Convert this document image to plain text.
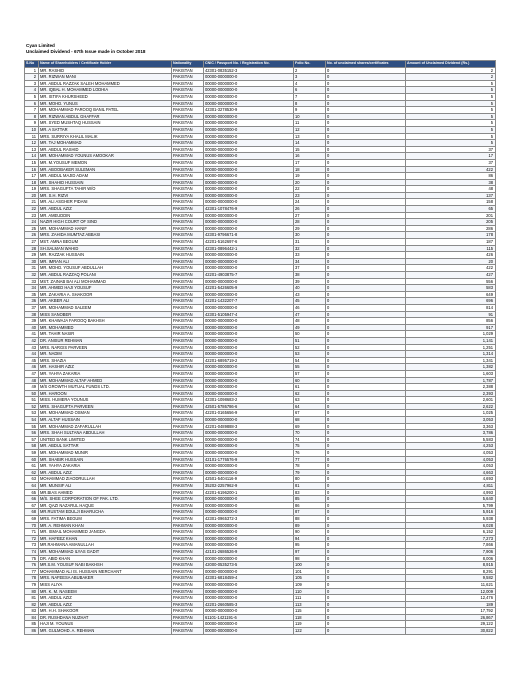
Cyan Limited
Unclaimed Dividend - 67th Issue made in October 2018
S.No	Name of Shareholders / Certificate Holder	Nationality	CNIC / Passport No. / Registration No.	Folio No.	No. of unclaimed shares/certificates	Amount of Unclaimed Dividend (Rs.)
1	MR. RASHID	PAKISTAN	42301-0835152-3	2	0	2
2	MR. RIZWAN MANI	PAKISTAN	00000-0000000-0	3	0	2
3	MR. ABDUL RAZZAK SALEH MOHAMMED	PAKISTAN	00000-0000000-0	4	0	5
4	MR. IQBAL H. MOHAMMED LODHIA	PAKISTAN	00000-0000000-0	6	0	5
5	MR. ISTIFA KHURSHEED	PAKISTAN	00000-0000000-0	7	0	5
6	MR. MOHD. YUNUS	PAKISTAN	00000-0000000-0	8	0	5
7	MR. MOHAMMAD FAROOQ BANIL PATEL	PAKISTAN	42301-3278530-9	9	0	5
8	MR. RIZWAN ABDUL GHAFFAR	PAKISTAN	00000-0000000-0	10	0	5
9	MR. SYED MUSHTAQ HUSSAIN	PAKISTAN	00000-0000000-0	11	0	5
10	MR. A SATTAR	PAKISTAN	00000-0000000-0	12	0	5
11	MRS. SURRIYA KHALIL MALIK	PAKISTAN	00000-0000000-0	13	0	5
12	MR. TAJ MOHAMMAD	PAKISTAN	00000-0000000-0	14	0	5
13	MR. ABDUL RASHID	PAKISTAN	00000-0000000-0	15	0	37
14	MR. MOHAMMAD YOUNUS AMOOKAR	PAKISTAN	00000-0000000-0	16	0	17
15	MR. M.YOUSUF MEMON	PAKISTAN	00000-0000000-0	17	0	37
16	MR. ABOOBAKER SULEMAN	PAKISTAN	00000-0000000-0	18	0	422
17	MR. ABDUL MAJID ADAM	PAKISTAN	00000-0000000-0	19	0	86
18	MR. SHAHID HUSSAIN	PAKISTAN	00000-0000000-0	20	0	38
19	MRS. SHAGUFTA TAHIR W/O	PAKISTAN	00000-0000000-0	22	0	48
20	MR. S.H. RIZVI	PAKISTAN	00000-0000000-0	23	0	137
21	MR. ALI ASGHER PIDANI	PAKISTAN	00000-0000000-0	24	0	158
22	MR. ABDUL AZIZ	PAKISTAN	42301-1078476-9	26	0	65
23	MR. AMEUDDIN	PAKISTAN	00000-0000000-0	27	0	201
24	NAZIR HIGH COURT OF SIND	PAKISTAN	00000-0000000-0	28	0	205
25	MR. MOHAMMAD HANIF	PAKISTAN	00000-0000000-0	29	0	286
26	MRS. ZAHIDA MUMTAZ ABBASI	PAKISTAN	42301-9796671-8	30	0	178
27	MST. AMNA BEGUM	PAKISTAN	42201-5162697-6	31	0	187
28	SH.SALMAN WAHID	PAKISTAN	42301-0896442-1	32	0	115
29	MR. RAZZAK HUSSAIN	PAKISTAN	00000-0000000-0	33	0	426
30	MR. IMRAN ALI	PAKISTAN	00000-0000000-0	34	0	20
31	MR. MOHD. YOUSUF ABDULLAH	PAKISTAN	00000-0000000-0	37	0	422
32	MR. ABDUL RAZZAQ POLANI	PAKISTAN	42201-4903875-7	38	0	427
33	MST. ZAINAB BAI ALI MOHAMMAD	PAKISTAN	00000-0000000-0	39	0	556
34	MR. AHMED HAJI YOUSUF	PAKISTAN	42201-5426605-9	40	0	583
35	MR. ZAKARIA A. SHAKOOR	PAKISTAN	00000-0000000-0	43	0	649
36	MR. AKBER ALI	PAKISTAN	42201-1432207-7	45	0	696
37	MR. MOHAMMAD SALEEM	PAKISTAN	00000-0000000-0	46	0	814
38	MISS SANOBER	PAKISTAN	42301-5105947-4	47	0	91
39	MR. KHAWAJA FAROOQ BAKHSH	PAKISTAN	00000-0000000-0	48	0	856
40	MR. MOHAMMED	PAKISTAN	00000-0000000-0	49	0	917
41	MR. TAHIR NASIR	PAKISTAN	00000-0000000-0	50	0	1,029
42	DR. ANISUR REHMAN	PAKISTAN	00000-0000000-0	51	0	1,141
43	MRS. NARGIS PARVEEN	PAKISTAN	00000-0000000-0	52	0	1,251
44	MR. NADIM	PAKISTAN	00000-0000000-0	53	0	1,314
45	MRS. SHAZIA	PAKISTAN	42201-6895719-2	54	0	1,341
46	MR. HASHIR AZIZ	PAKISTAN	00000-0000000-0	55	0	1,382
47	MR. YAHYA ZAKARIA	PAKISTAN	00000-0000000-0	57	0	1,603
48	MR. MOHAMMAD ALTAF AHMED	PAKISTAN	00000-0000000-0	60	0	1,787
49	M/S GROWTH MUTUAL FUNDS LTD.	PAKISTAN	00000-0000000-0	61	0	2,388
50	MR. HAROON	PAKISTAN	00000-0000000-0	62	0	2,393
51	MISS. HUMERA YOUNUS	PAKISTAN	42301-1098683-2	63	0	2,601
52	MRS. SHAGUFTA PARVEEN	PAKISTAN	42501-5786786-6	64	0	2,622
53	MR. MOHAMMAD OSMAN	PAKISTAN	42201-0165656-9	67	0	1,025
54	MR. ALTAF HUSSAIN	PAKISTAN	00000-0000000-0	68	0	3,053
55	MR. MOHAMMAD ZAFARULLAH	PAKISTAN	42201-0489888-3	69	0	3,363
56	MRS. SHAH SULTANA ABDULLAH	PAKISTAN	00000-0000000-0	70	0	3,786
57	UNITED BANK LIMITED	PAKISTAN	00000-0000000-0	74	0	5,583
58	MR. ABDUL SATTAR	PAKISTAN	00000-0000000-0	75	0	4,253
59	MR. MOHAMMAD MUNIR	PAKISTAN	00000-0000000-0	76	0	4,053
60	MR. SHABIR HUSSAIN	PAKISTAN	42101-1776576-9	77	0	4,053
61	MR. YAHYA ZAKARIA	PAKISTAN	00000-0000000-0	78	0	4,053
62	MR. ABDUL AZIZ	PAKISTAN	00000-0000000-0	79	0	4,663
63	MOHAMMAD ZIAODRULLAH	PAKISTAN	42501-5404116-9	80	0	4,693
64	MR. MUNSIF ALI	PAKISTAN	35202-2257962-9	81	0	4,811
65	MR.BIAS AHMED	PAKISTAN	42201-6196200-1	83	0	4,993
66	M/S. SHEE CORPORATION OF PAK. LTD.	PAKISTAN	00000-0000000-0	85	0	5,640
67	MR. QAZI NAZARUL HAQUE	PAKISTAN	00000-0000000-0	86	0	5,799
68	MR.RUSTAM EDULJI BHARUCHA	PAKISTAN	00000-0000000-0	87	0	5,916
69	MRS. FATIMA BEGUM	PAKISTAN	42301-0965372-3	88	0	5,938
70	MR. A. REHMAN KHAN	PAKISTAN	00000-0000000-0	89	0	6,028
71	MR. ISMAIL MOHAMMED JANGDA	PAKISTAN	00000-0000000-0	90	0	6,152
72	MR. HAFEEZ KHAN	PAKISTAN	00000-0000000-0	94	0	7,273
73	MR.RAHMANA AMANULLAH	PAKISTAN	00000-0000000-0	95	0	7,866
74	MR. MOHAMMAD ILYAS GADIT	PAKISTAN	42101-2686526-9	97	0	7,906
75	DR. ABID KHAN	PAKISTAN	00000-0000000-0	98	0	8,006
76	MR.S.M. YOUSUF NABI BAKHSH	PAKISTAN	42000-0535273-5	100	0	8,915
77	MOHAMMAD ALI IS. HUSSAIN MERCHANT	PAKISTAN	00000-0000000-0	101	0	8,291
78	MRS. NAFEESA ABUBAKER	PAKISTAN	42301-6818459-4	105	0	9,582
79	MISS ALIYA	PAKISTAN	00000-0000000-0	109	0	11,621
80	MR. K. M. NASEEM	PAKISTAN	00000-0000000-0	110	0	12,009
81	MR. ABDUL AZIZ	PAKISTAN	00000-0000000-0	111	0	12,476
82	MR. ABDUL AZIZ	PAKISTAN	42201-2660585-3	113	0	189
83	MR. H.H. SHAKOOR	PAKISTAN	00000-0000000-0	115	0	17,792
84	DR. RUSHDANA NUZHAT	PAKISTAN	61101-1421191-6	118	0	26,867
85	HAJI M. YOUNUS	PAKISTAN	00000-0000000-0	119	0	29,122
86	MR. GULMOHD. A. REHMAN	PAKISTAN	00000-0000000-0	122	0	30,822
